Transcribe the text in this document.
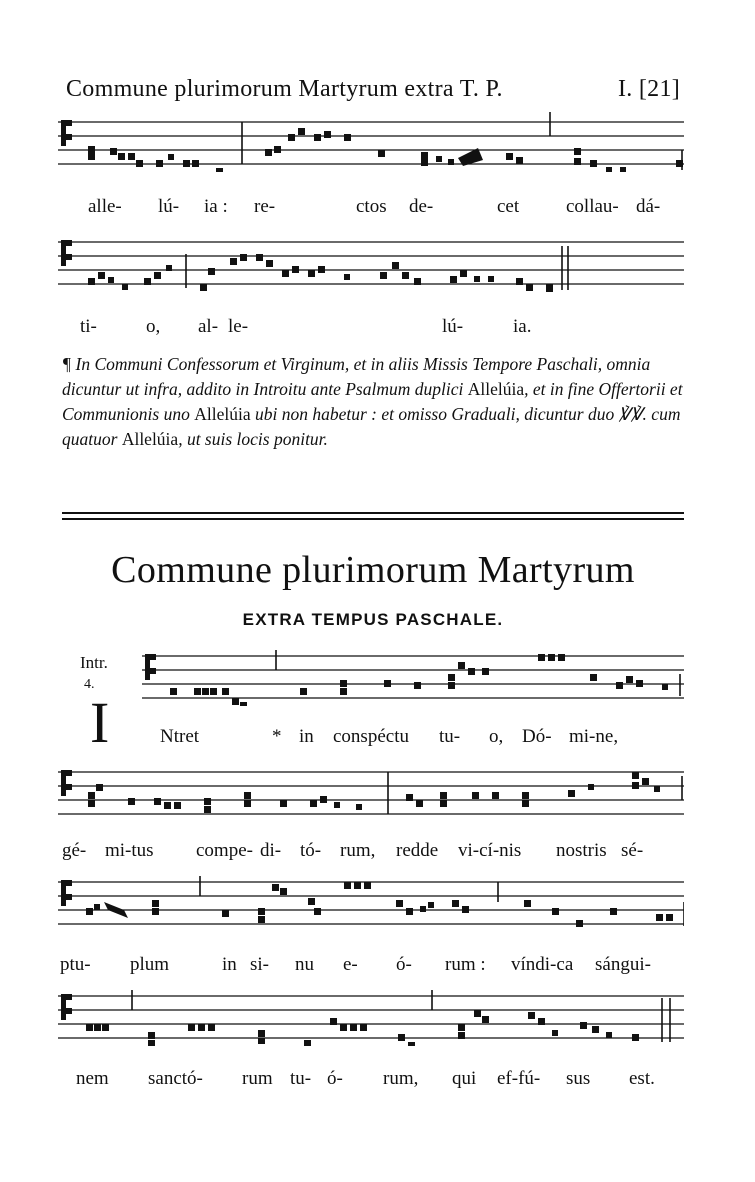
Commune plurimorum Martyrum extra T. P.	I. [21]
alle- lú- ia : re-	ctos de-	cet collau- dá-
ti-	o, al- le-	lú-	ia.
¶ In Communi Confessorum et Virginum, et in aliis Missis Tempore Paschali, omnia dicuntur ut infra, addito in Introitu ante Psalmum duplici Allelúia, et in fine Offertorii et Communionis uno Allelúia ubi non habetur : et omisso Graduali, dicuntur duo ℣℣. cum quatuor Allelúia, ut suis locis ponitur.
Commune plurimorum Martyrum
EXTRA TEMPUS PASCHALE.
Intr.
4.
I	Ntret	* in conspéctu tu- o, Dó- mi-ne,
gé- mi-tus compe- di- tó- rum, redde vi-cí-nis nostris sé-
ptu- plum	in si- nu e- ó- rum : víndi-ca sángui-
nem sanctó- rum tu- ó- rum, qui ef-fú- sus est.
